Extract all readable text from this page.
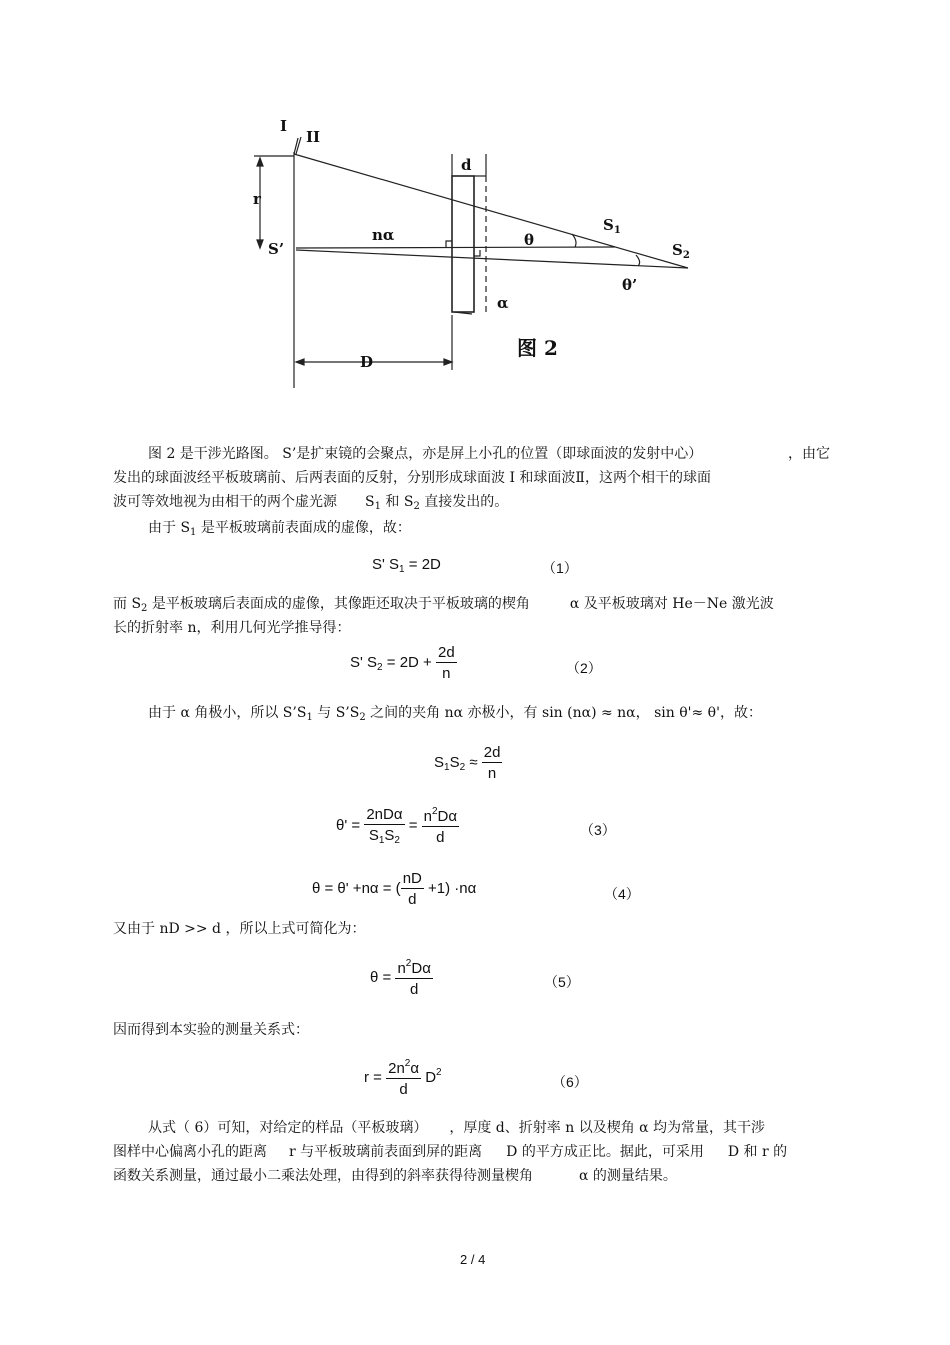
I
II
r
S’
nα
d
θ
$S_1$
$S_2$
θ’
α
D
图 2
图 2 是干涉光路图。 S’是扩束镜的会聚点，亦是屏上小孔的位置（即球面波的发射中心）	，由它
发出的球面波经平板玻璃前、后两表面的反射，分别形成球面波 I 和球面波Ⅱ，这两个相干的球面
波可等效地视为由相干的两个虚光源 $S_1$ 和 $S_2$ 直接发出的。
由于 $S_1$ 是平板玻璃前表面成的虚像，故：
S' $S_1 = 2D$	（1）
而 $S_2$ 是平板玻璃后表面成的虚像，其像距还取决于平板玻璃的楔角	α 及平板玻璃对 He－Ne 激光波
长的折射率 n，利用几何光学推导得：
S' $S_2 = 2D + \frac{2d}{n}$	（2）
由于 α 角极小，所以 $S’S_1$ 与 $S’S_2$ 之间的夹角 nα 亦极小，有 sin (nα) ≈ nα， sin θ'≈ θ'，故：
$S_1S_2 \approx \frac{2d}{n}$
$\theta' = \frac{\text{2nDα}}{S_1S_2} = \frac{n^2D\alpha}{d}$	（3）
θ = θ' +nα = ( $\frac{nD}{d} +1) \cdot n\alpha$	（4）
又由于 nD >> d ，所以上式可简化为：
$\theta = \frac{n^2D\alpha}{d}$	（5）
因而得到本实验的测量关系式：
$r = \frac{2n^2\alpha}{d} D^2$
（6）
从式（ 6）可知，对给定的样品（平板玻璃） ，厚度 d、折射率 n 以及楔角 α 均为常量，其干涉
图样中心偏离小孔的距离 r 与平板玻璃前表面到屏的距离 D 的平方成正比。据此，可采用 D 和 r 的
函数关系测量，通过最小二乘法处理，由得到的斜率获得待测量楔角	α 的测量结果。
2 / 4
